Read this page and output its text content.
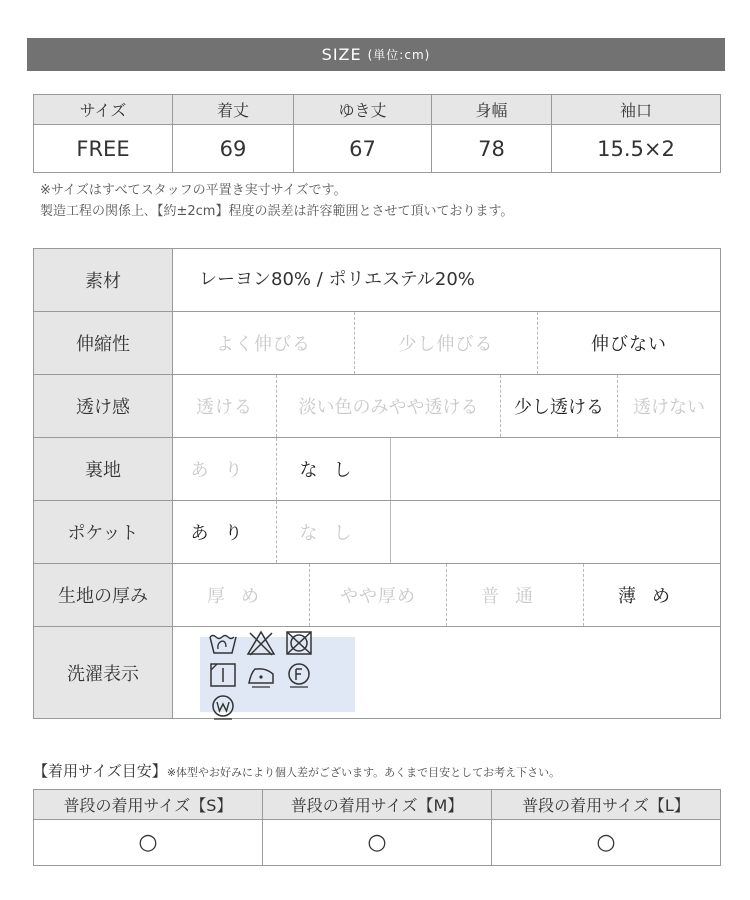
SIZE (単位:cm)
サイズ	着丈	ゆき丈	身幅	袖口
FREE	69	67	78	15.5×2
※サイズはすべてスタッフの平置き実寸サイズです。
製造工程の関係上､【約±2cm】程度の誤差は許容範囲とさせて頂いております。
素材	レーヨン80% / ポリエステル20%

伸縮性	よく伸びる 少し伸びる 伸びない

透け感	透ける 淡い色のみやや透ける 少し透ける 透けない

裏地	あり なし

ポケット	あり なし

生地の厚み	厚め やや厚め 普通 薄め

洗濯表示	
【着用サイズ目安】※体型やお好みにより個人差がございます。あくまで目安としてお考え下さい。
普段の着用サイズ【S】	普段の着用サイズ【M】	普段の着用サイズ【L】
○	○	○
